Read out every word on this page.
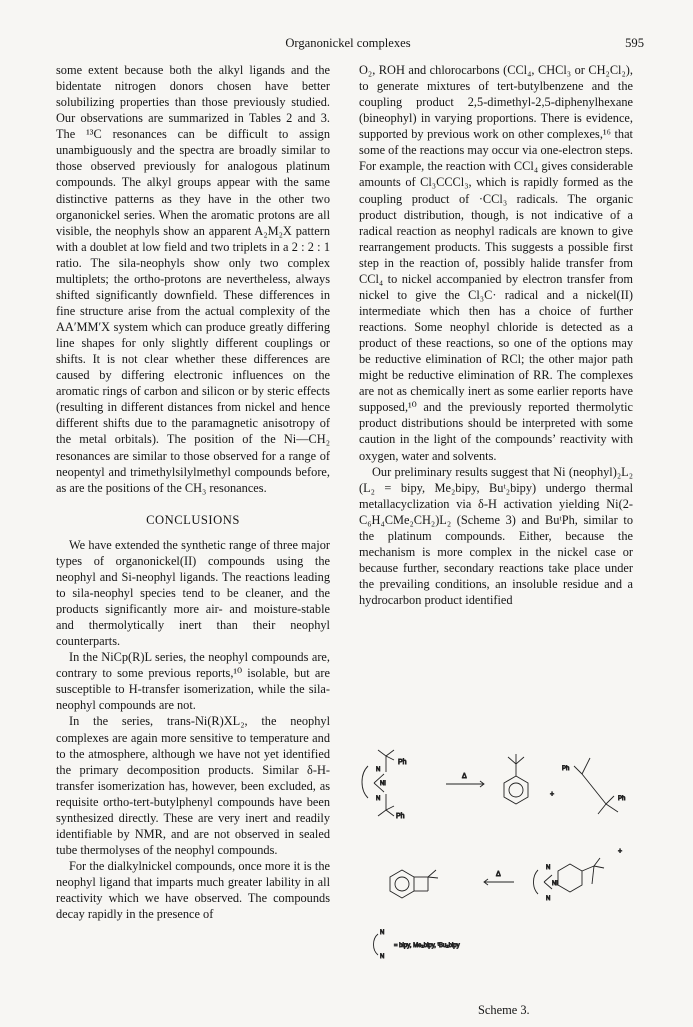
Organonickel complexes	595

some extent because both the alkyl ligands and the bidentate nitrogen donors chosen have better solubilizing properties than those previously studied. Our observations are summarized in Tables 2 and 3. The ¹³C resonances can be difficult to assign unambiguously and the spectra are broadly similar to those observed previously for analogous platinum compounds. The alkyl groups appear with the same distinctive patterns as they have in the other two organonickel series. When the aromatic protons are all visible, the neophyls show an apparent A₂M₂X pattern with a doublet at low field and two triplets in a 2 : 2 : 1 ratio. The sila-neophyls show only two complex multiplets; the ortho-protons are nevertheless, always shifted significantly downfield. These differences in fine structure arise from the actual complexity of the AA′MM′X system which can produce greatly differing line shapes for only slightly different couplings or shifts. It is not clear whether these differences are caused by differing electronic influences on the aromatic rings of carbon and silicon or by steric effects (resulting in different distances from nickel and hence different shifts due to the paramagnetic anisotropy of the metal orbitals). The position of the Ni—CH₂ resonances are similar to those observed for a range of neopentyl and trimethylsilylmethyl compounds before, as are the positions of the CH₃ resonances.

CONCLUSIONS

We have extended the synthetic range of three major types of organonickel(II) compounds using the neophyl and Si-neophyl ligands. The reactions leading to sila-neophyl species tend to be cleaner, and the products significantly more air- and moisture-stable and thermolytically inert than their neophyl counterparts.

In the NiCp(R)L series, the neophyl compounds are, contrary to some previous reports,¹⁰ isolable, but are susceptible to H-transfer isomerization, while the sila-neophyl compounds are not.

In the series, trans-Ni(R)XL₂, the neophyl complexes are again more sensitive to temperature and to the atmosphere, although we have not yet identified the primary decomposition products. Similar δ-H-transfer isomerization has, however, been excluded, as requisite ortho-tert-butylphenyl compounds have been synthesized directly. These are very inert and readily identifiable by NMR, and are not observed in sealed tube thermolyses of the neophyl compounds.

For the dialkylnickel compounds, once more it is the neophyl ligand that imparts much greater lability in all reactivity which we have observed. The compounds decay rapidly in the presence of

O₂, ROH and chlorocarbons (CCl₄, CHCl₃ or CH₂Cl₂), to generate mixtures of tert-butylbenzene and the coupling product 2,5-dimethyl-2,5-diphenylhexane (bineophyl) in varying proportions. There is evidence, supported by previous work on other complexes,¹⁶ that some of the reactions may occur via one-electron steps. For example, the reaction with CCl₄ gives considerable amounts of Cl₃CCCl₃, which is rapidly formed as the coupling product of ·CCl₃ radicals. The organic product distribution, though, is not indicative of a radical reaction as neophyl radicals are known to give rearrangement products. This suggests a possible first step in the reaction of, possibly halide transfer from CCl₄ to nickel accompanied by electron transfer from nickel to give the Cl₃C· radical and a nickel(II) intermediate which then has a choice of further reactions. Some neophyl chloride is detected as a product of these reactions, so one of the options may be reductive elimination of RCl; the other major path might be reductive elimination of RR. The complexes are not as chemically inert as some earlier reports have supposed,¹⁰ and the previously reported thermolytic product distributions should be interpreted with some caution in the light of the compounds’ reactivity with oxygen, water and solvents.

Our preliminary results suggest that Ni (neophyl)₂L₂ (L₂ = bipy, Me₂bipy, Buᵗ₂bipy) undergo thermal metallacyclization via δ-H activation yielding Ni(2-C₆H₄CMe₂CH₂)L₂ (Scheme 3) and BuᵗPh, similar to the platinum compounds. Either, because the mechanism is more complex in the nickel case or because further, secondary reactions take place under the prevailing conditions, an insoluble residue and a hydrocarbon product identified

Ph
N
N
Ni
Ph
Δ
+
Ph
Ph
+
N
N
Ni
Δ
N
N
= bipy, Me₂bipy, ᵗBu₂bipy
Scheme 3.
